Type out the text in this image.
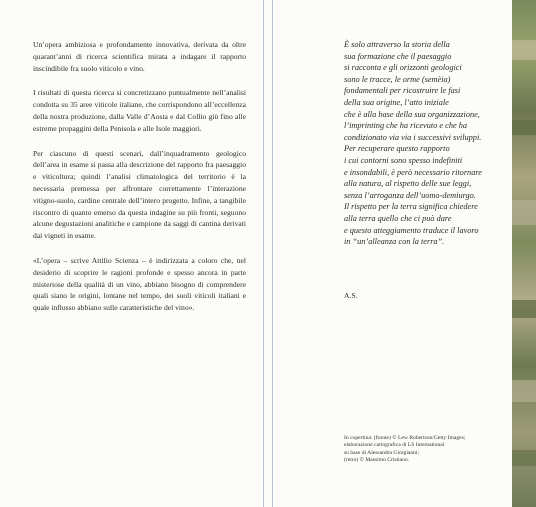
Un’opera ambiziosa e profondamente innovativa, derivata da oltre quarant’anni di ricerca scientifica mirata a indagare il rapporto inscindibile fra suolo viticolo e vino.

I risultati di questa ricerca si concretizzano puntualmente nell’analisi condotta su 35 aree viticole italiane, che corrispondono all’eccellenza della nostra produzione, dalla Valle d’Aosta e dal Collio giù fino alle estreme propaggini della Penisola e alle Isole maggiori.

Per ciascuno di questi scenari, dall’inquadramento geologico dell’area in esame si passa alla descrizione del rapporto fra paesaggio e viticoltura; quindi l’analisi climatologica del territorio è la necessaria premessa per affrontare correttamente l’interazione vitigno-suolo, cardine centrale dell’intero progetto. Infine, a tangibile riscontro di quanto emerso da questa indagine su più fronti, seguono alcune degustazioni analitiche e campione da saggi di cantina derivati dai vigneti in esame.

«L’opera – scrive Attilio Scienza – è indirizzata a coloro che, nel desiderio di scoprire le ragioni profonde e spesso ancora in parte misteriose della qualità di un vino, abbiano bisogno di comprendere quali siano le origini, lontane nel tempo, dei suoli viticoli italiani e quale influsso abbiano sulle caratteristiche del vino».

È solo attraverso la storia della
sua formazione che il paesaggio
si racconta e gli orizzonti geologici
sono le tracce, le orme (semèia)
fondamentali per ricostruire le fasi
della sua origine, l’atto iniziale
che è alla base della sua organizzazione,
l’imprinting che ha ricevuto e che ha
condizionato via via i successivi sviluppi.
Per recuperare questo rapporto
i cui contorni sono spesso indefiniti
e insondabili, è però necessario ritornare
alla natura, al rispetto delle sue leggi,
senza l’arroganza dell’uomo-demiurgo.
Il rispetto per la terra significa chiedere
alla terra quello che ci può dare
e questo atteggiamento traduce il lavoro
in “un’alleanza con la terra”.
A.S.
In copertina: (fronte) © Lew Robertson/Getty Images;
elaborazione cartografica di LS International
su base di Alessandra Giorgianni;
(retro) © Massimo Cristiano.
